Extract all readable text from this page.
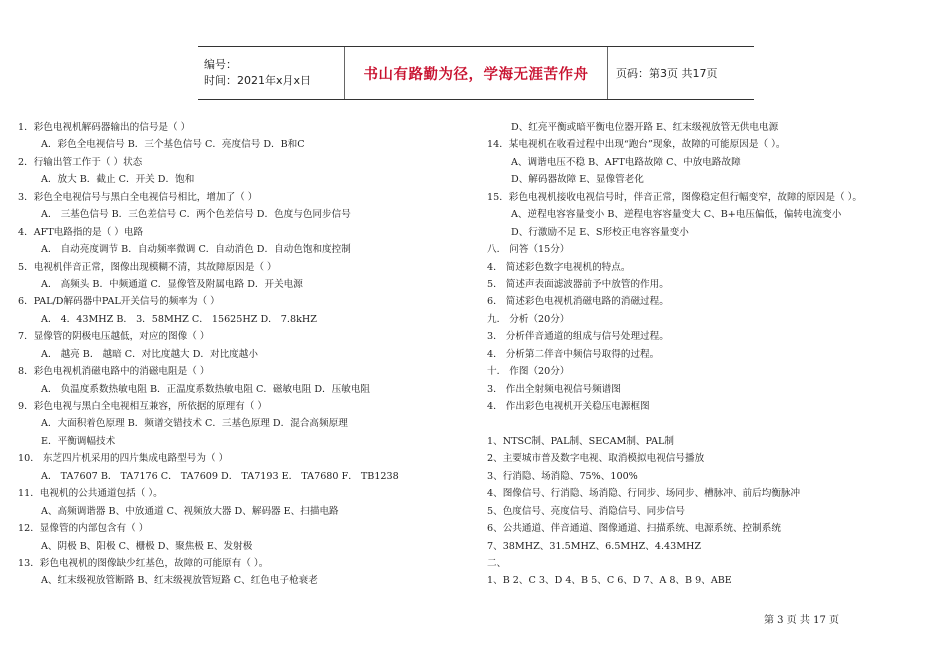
编号：
时间：2021年x月x日	书山有路勤为径，学海无涯苦作舟	页码：第3页 共17页
1．彩色电视机解码器输出的信号是（ ）
A．彩色全电视信号 B．三个基色信号 C．亮度信号 D．B和C
2．行输出管工作于（ ）状态
A．放大 B．截止 C．开关 D．饱和
3．彩色全电视信号与黑白全电视信号相比，增加了（ ）
A． 三基色信号 B．三色差信号 C．两个色差信号 D．色度与色同步信号
4．AFT电路指的是（ ）电路
A． 自动亮度调节 B．自动频率微调 C．自动消色 D．自动色饱和度控制
5．电视机伴音正常，图像出现模糊不清，其故障原因是（ ）
A． 高频头 B．中频通道 C．显像管及附属电路 D．开关电源
6．PAL/D解码器中PAL开关信号的频率为（ ）
A． 4．43MHZ B． 3．58MHZ C． 15625HZ D． 7.8kHZ
7．显像管的阴极电压越低，对应的图像（ ）
A． 越亮 B． 越暗 C．对比度越大 D．对比度越小
8．彩色电视机消磁电路中的消磁电阻是（ ）
A． 负温度系数热敏电阻 B．正温度系数热敏电阻 C．磁敏电阻 D．压敏电阻
9．彩色电视与黑白全电视相互兼容，所依据的原理有（ ）
A．大面积着色原理 B．频谱交错技术 C．三基色原理 D．混合高频原理
E．平衡调幅技术
10． 东芝四片机采用的四片集成电路型号为（ ）
A． TA7607 B． TA7176 C． TA7609 D． TA7193 E． TA7680 F． TB1238
11．电视机的公共通道包括（ ）。
A、高频调谐器 B、中放通道 C、视频放大器 D、解码器 E、扫描电路
12．显像管的内部包含有（ ）
A、阴极 B、阳极 C、栅极 D、聚焦极 E、发射极
13．彩色电视机的图像缺少红基色，故障的可能原有（ ）。
A、红末级视放管断路 B、红末级视放管短路 C、红色电子枪衰老
D、红亮平衡或暗平衡电位器开路 E、红末级视放管无供电电源
14．某电视机在收看过程中出现“跑台”现象，故障的可能原因是（ ）。
A、调谐电压不稳 B、AFT电路故障 C、中放电路故障
D、解码器故障 E、显像管老化
15．彩色电视机接收电视信号时，伴音正常，图像稳定但行幅变窄，故障的原因是（ ）。
A、逆程电容容量变小 B、逆程电容容量变大 C、B+电压偏低，偏转电流变小
D、行激励不足 E、S形校正电容容量变小
八． 问答（15分）
4． 简述彩色数字电视机的特点。
5． 简述声表面滤波器前予中放管的作用。
6． 简述彩色电视机消磁电路的消磁过程。
九． 分析（20分）
3． 分析伴音通道的组成与信号处理过程。
4． 分析第二伴音中频信号取得的过程。
十． 作图（20分）
3． 作出全射频电视信号频谱图
4． 作出彩色电视机开关稳压电源框图
1、NTSC制、PAL制、SECAM制、PAL制
2、主要城市普及数字电视、取消模拟电视信号播放
3、行消隐、场消隐、75%、100%
4、图像信号、行消隐、场消隐、行同步、场同步、槽脉冲、前后均衡脉冲
5、色度信号、亮度信号、消隐信号、同步信号
6、公共通道、伴音通道、图像通道、扫描系统、电源系统、控制系统
7、38MHZ、31.5MHZ、6.5MHZ、4.43MHZ
二、
1、B 2、C 3、D 4、B 5、C 6、D 7、A 8、B 9、ABE
第 3 页 共 17 页
